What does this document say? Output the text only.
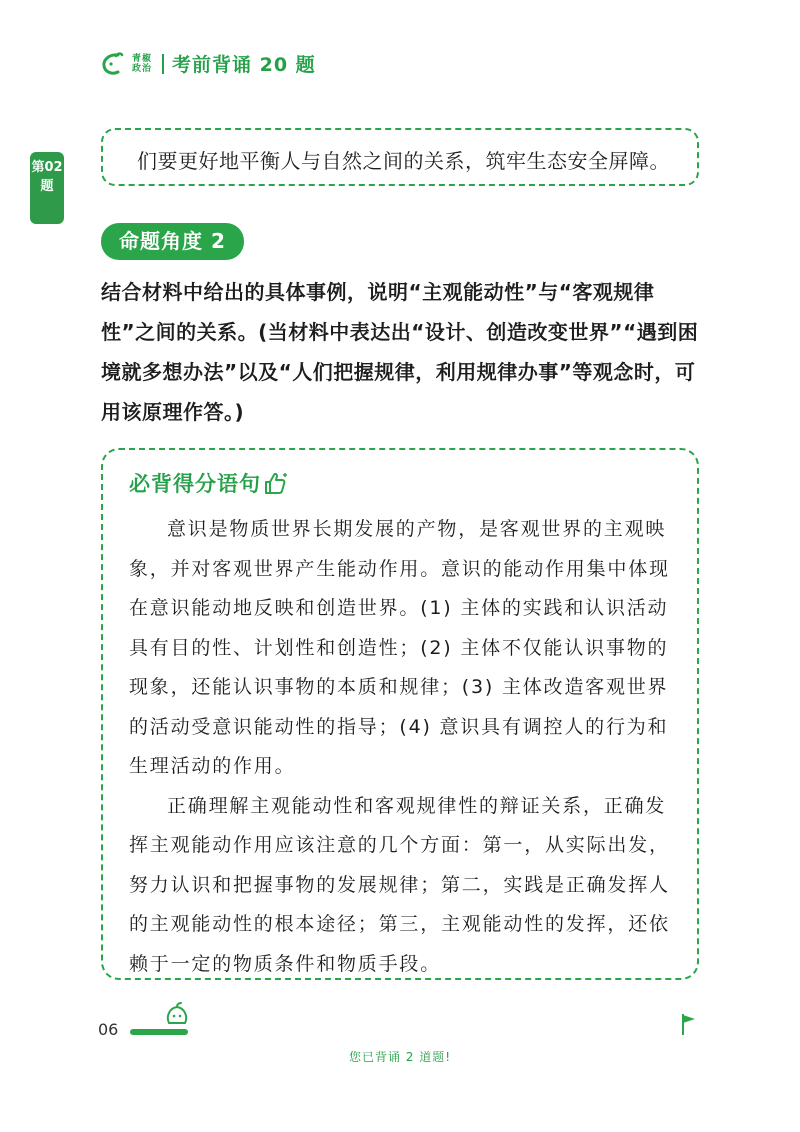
青椒政治 考前背诵 20 题
第02题
们要更好地平衡人与自然之间的关系，筑牢生态安全屏障。
命题角度 2
结合材料中给出的具体事例，说明“主观能动性”与“客观规律性”之间的关系。(当材料中表达出“设计、创造改变世界”“遇到困境就多想办法”以及“人们把握规律，利用规律办事”等观念时，可用该原理作答。)
必背得分语句

意识是物质世界长期发展的产物，是客观世界的主观映象，并对客观世界产生能动作用。意识的能动作用集中体现在意识能动地反映和创造世界。(1) 主体的实践和认识活动具有目的性、计划性和创造性；(2) 主体不仅能认识事物的现象，还能认识事物的本质和规律；(3) 主体改造客观世界的活动受意识能动性的指导；(4) 意识具有调控人的行为和生理活动的作用。

正确理解主观能动性和客观规律性的辩证关系，正确发挥主观能动作用应该注意的几个方面：第一，从实际出发，努力认识和把握事物的发展规律；第二，实践是正确发挥人的主观能动性的根本途径；第三，主观能动性的发挥，还依赖于一定的物质条件和物质手段。

06
您已背诵 2 道题!
